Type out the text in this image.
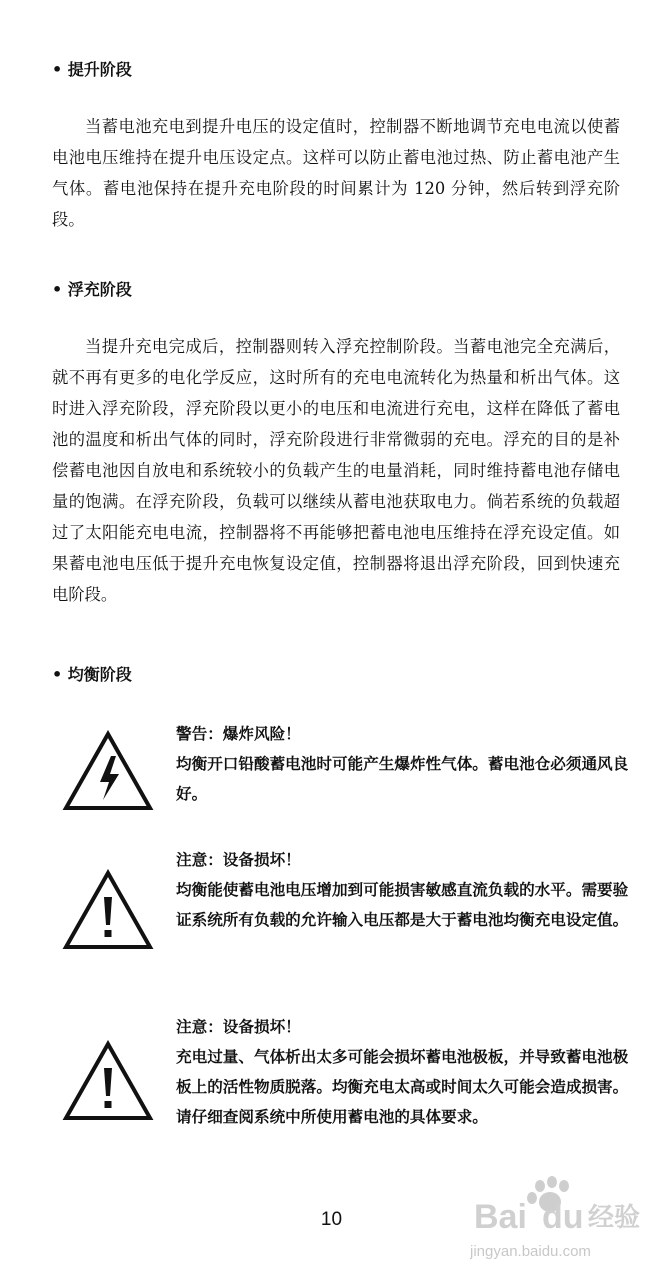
• 提升阶段

当蓄电池充电到提升电压的设定值时，控制器不断地调节充电电流以使蓄电池电压维持在提升电压设定点。这样可以防止蓄电池过热、防止蓄电池产生气体。蓄电池保持在提升充电阶段的时间累计为 120 分钟，然后转到浮充阶段。

• 浮充阶段

当提升充电完成后，控制器则转入浮充控制阶段。当蓄电池完全充满后，就不再有更多的电化学反应，这时所有的充电电流转化为热量和析出气体。这时进入浮充阶段，浮充阶段以更小的电压和电流进行充电，这样在降低了蓄电池的温度和析出气体的同时，浮充阶段进行非常微弱的充电。浮充的目的是补偿蓄电池因自放电和系统较小的负载产生的电量消耗，同时维持蓄电池存储电量的饱满。在浮充阶段，负载可以继续从蓄电池获取电力。倘若系统的负载超过了太阳能充电电流，控制器将不再能够把蓄电池电压维持在浮充设定值。如果蓄电池电压低于提升充电恢复设定值，控制器将退出浮充阶段，回到快速充电阶段。

• 均衡阶段
警告：爆炸风险！
均衡开口铅酸蓄电池时可能产生爆炸性气体。蓄电池仓必须通风良好。
注意：设备损坏！
均衡能使蓄电池电压增加到可能损害敏感直流负载的水平。需要验证系统所有负载的允许输入电压都是大于蓄电池均衡充电设定值。
注意：设备损坏！
充电过量、气体析出太多可能会损坏蓄电池极板，并导致蓄电池极板上的活性物质脱落。均衡充电太高或时间太久可能会造成损害。请仔细查阅系统中所使用蓄电池的具体要求。
10	Bai du 经验
jingyan.baidu.com
